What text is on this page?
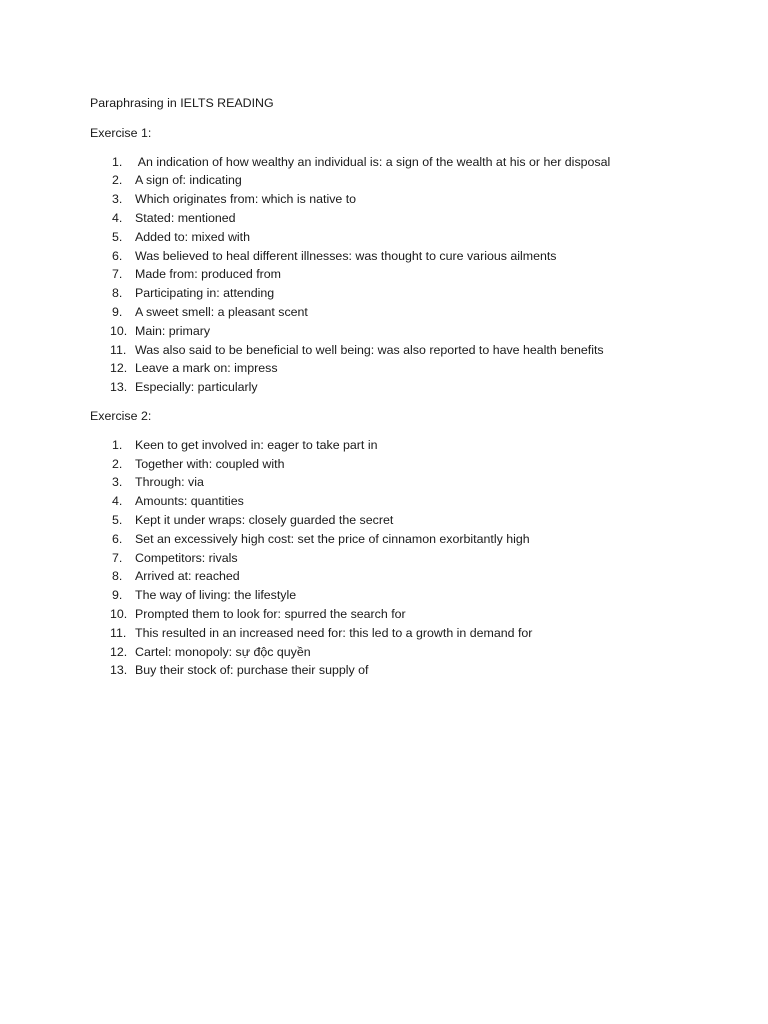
Paraphrasing in IELTS READING

Exercise 1:

1. An indication of how wealthy an individual is: a sign of the wealth at his or her disposal
2. A sign of: indicating
3. Which originates from: which is native to
4. Stated: mentioned
5. Added to: mixed with
6. Was believed to heal different illnesses: was thought to cure various ailments
7. Made from: produced from
8. Participating in: attending
9. A sweet smell: a pleasant scent
10. Main: primary
11. Was also said to be beneficial to well being: was also reported to have health benefits
12. Leave a mark on: impress
13. Especially: particularly

Exercise 2:

1. Keen to get involved in: eager to take part in
2. Together with: coupled with
3. Through: via
4. Amounts: quantities
5. Kept it under wraps: closely guarded the secret
6. Set an excessively high cost: set the price of cinnamon exorbitantly high
7. Competitors: rivals
8. Arrived at: reached
9. The way of living: the lifestyle
10. Prompted them to look for: spurred the search for
11. This resulted in an increased need for: this led to a growth in demand for
12. Cartel: monopoly: sự độc quyền
13. Buy their stock of: purchase their supply of
